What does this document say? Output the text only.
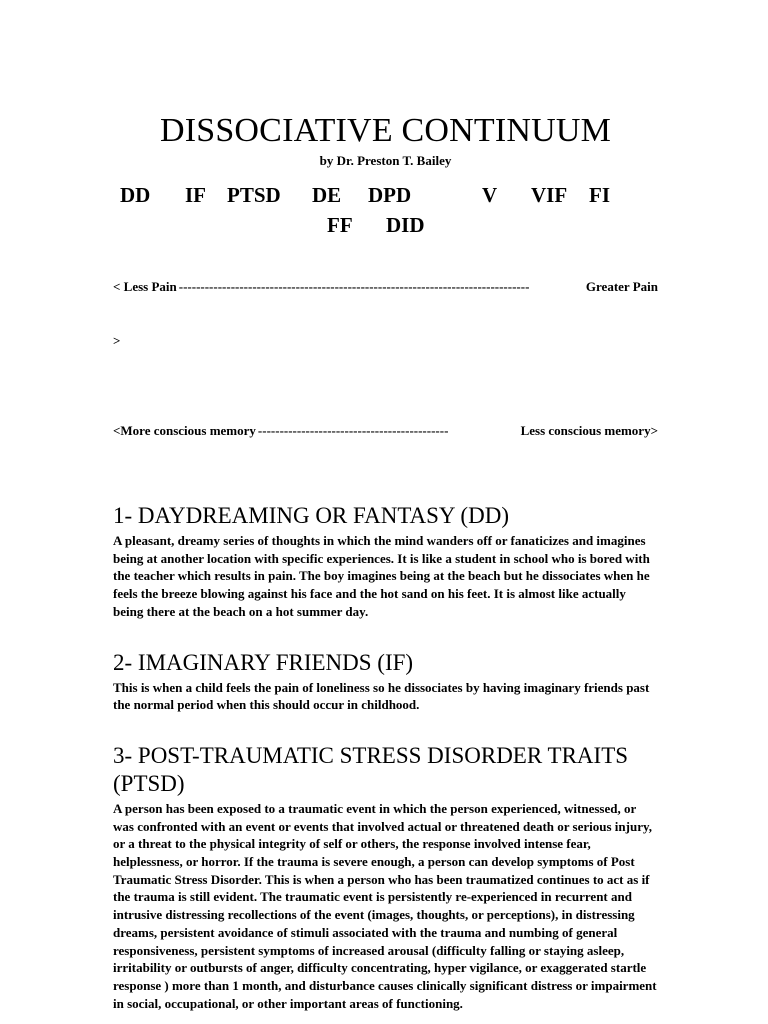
DISSOCIATIVE CONTINUUM

by Dr. Preston T. Bailey

DD IF PTSD DE DPD	V VIF FI
FF DID

< Less Pain ---------------------------------------------------------------------------------	Greater Pain

>

<More conscious memory --------------------------------------------	Less conscious memory>

1- DAYDREAMING OR FANTASY (DD)

A pleasant, dreamy series of thoughts in which the mind wanders off or fanaticizes and imagines being at another location with specific experiences. It is like a student in school who is bored with the teacher which results in pain. The boy imagines being at the beach but he dissociates when he feels the breeze blowing against his face and the hot sand on his feet. It is almost like actually being there at the beach on a hot summer day.

2- IMAGINARY FRIENDS (IF)

This is when a child feels the pain of loneliness so he dissociates by having imaginary friends past the normal period when this should occur in childhood.

3- POST-TRAUMATIC STRESS DISORDER TRAITS (PTSD)

A person has been exposed to a traumatic event in which the person experienced, witnessed, or was confronted with an event or events that involved actual or threatened death or serious injury, or a threat to the physical integrity of self or others, the response involved intense fear, helplessness, or horror. If the trauma is severe enough, a person can develop symptoms of Post Traumatic Stress Disorder. This is when a person who has been traumatized continues to act as if the trauma is still evident. The traumatic event is persistently re-experienced in recurrent and intrusive distressing recollections of the event (images, thoughts, or perceptions), in distressing dreams, persistent avoidance of stimuli associated with the trauma and numbing of general responsiveness, persistent symptoms of increased arousal (difficulty falling or staying asleep, irritability or outbursts of anger, difficulty concentrating, hyper vigilance, or exaggerated startle response ) more than 1 month, and disturbance causes clinically significant distress or impairment in social, occupational, or other important areas of functioning.
